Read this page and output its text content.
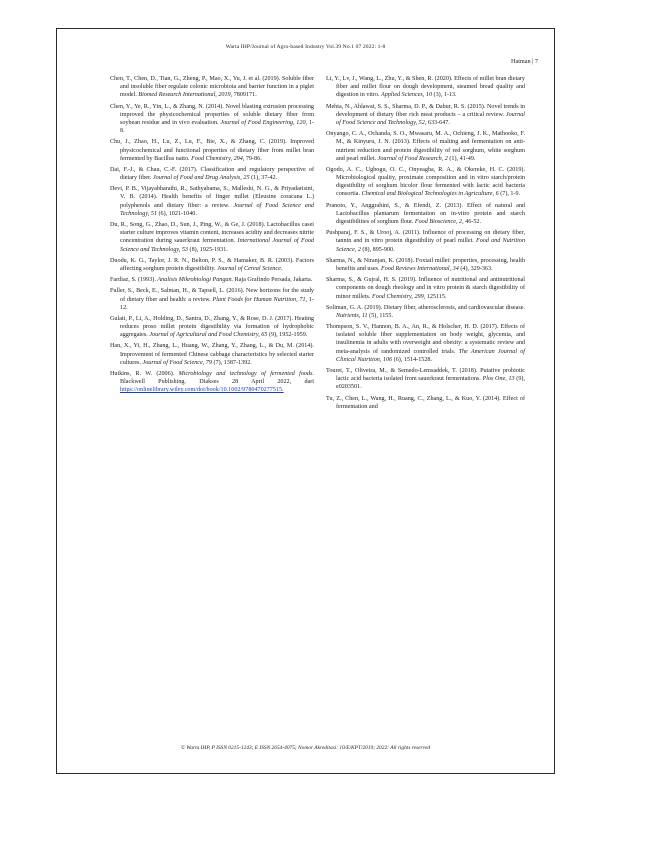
Warta IHP/Journal of Agro-based Industry Vol.39 No.1 07 2022: 1-8
Hatman | 7

Chen, T., Chen, D., Tian, G., Zheng, P., Mao, X., Yu, J. et al. (2019). Soluble fiber and insoluble fiber regulate colonic microbiota and barrier function in a piglet model. Biomed Research International, 2019, 7809171.

Chen, Y., Ye, R., Yin, L., & Zhang, N. (2014). Novel blasting extrusion processing improved the physicochemical properties of soluble dietary fiber from soybean residue and in vivo evaluation. Journal of Food Engineering, 120, 1-8.

Chu, J., Zhao, H., Lu, Z., Lu, F., Bie, X., & Zhang, C. (2019). Improved physicochemical and functional properties of dietary fiber from millet bran fermented by Bacillus natto. Food Chemistry, 294, 79-86.

Dai, F.-J., & Chau, C.-F. (2017). Classification and regulatory perspective of dietary fiber. Journal of Food and Drug Analysis, 25 (1), 37-42.

Devi, P. B., Vijayabharathi, R., Sathyabama, S., Malleshi, N. G., & Priyadarisini, V. B. (2014). Health benefits of finger millet (Eleusine coracana L.) polyphenols and dietary fiber: a review. Journal of Food Science and Technology, 51 (6), 1021-1040.

Du, R., Song, G., Zhao, D., Sun, J., Ping, W., & Ge, J. (2018). Lactobacillus casei starter culture improves vitamin content, increases acidity and decreases nitrite concentration during sauerkraut fermentation. International Journal of Food Science and Technology, 53 (8), 1925-1931.

Duodu, K. G., Taylor, J. R. N., Belton, P. S., & Hamaker, B. R. (2003). Factors affecting sorghum protein digestibility. Journal of Cereal Science.

Fardiaz, S. (1993). Analisis Mikrobiologi Pangan. Raja Grafindo Persada, Jakarta.

Fuller, S., Beck, E., Salman, H., & Tapsell, L. (2016). New horizons for the study of dietary fiber and health: a review. Plant Foods for Human Nutrition, 71, 1-12.

Gulati, P., Li, A., Holding, D., Santra, D., Zhang, Y., & Rose, D. J. (2017). Heating reduces proso millet protein digestibility via formation of hydrophobic aggregates. Journal of Agricultural and Food Chemistry, 65 (9), 1952-1959.

Han, X., Yi, H., Zhang, L., Huang, W., Zhang, Y., Zhang, L., & Du, M. (2014). Improvement of fermented Chinese cabbage characteristics by selected starter cultures. Journal of Food Science, 79 (7), 1387-1392.

Hutkins, R. W. (2006). Microbiology and technology of fermented foods. Blackwell Publishing. Diakses 28 April 2022, dari https://onlinelibrary.wiley.com/doi/book/10.1002/9780470277515.

Li, Y., Lv, J., Wang, L., Zhu, Y., & Shen, R. (2020). Effects of millet bran dietary fiber and millet flour on dough development, steamed bread quality and digestion in vitro. Applied Sciences, 10 (3), 1-13.

Mehta, N., Ahlawat, S. S., Sharma, D. P., & Dabur, R. S. (2015). Novel trends in development of dietary fiber rich meat products – a critical review. Journal of Food Science and Technology, 52, 633-647.

Onyango, C. A., Ochanda, S. O., Mwasaru, M. A., Ochieng, J. K., Mathooko, F. M., & Kinyuru, J. N. (2013). Effects of malting and fermentation on anti-nutrient reduction and protein digestibility of red sorghum, white sorghum and pearl millet. Journal of Food Research, 2 (1), 41-49.

Ogodo, A. C., Ugbogu, O. C., Onyeagba, R. A., & Okereke, H. C. (2019). Microbiological quality, proximate composition and in vitro starch/protein digestibility of sorghum bicolor flour fermented with lactic acid bacteria consortia. Chemical and Biological Technologies in Agriculture, 6 (7), 1-9.

Pranoto, Y., Anggrahini, S., & Efendi, Z. (2013). Effect of natural and Lactobacillus plantarum fermentation on in-vitro protein and starch digestibilities of sorghum flour. Food Bioscience, 2, 46-52.

Pushparaj, F. S., & Urooj, A. (2011). Influence of processing on dietary fiber, tannin and in vitro protein digestibility of pearl millet. Food and Nutrition Science, 2 (8), 895-900.

Sharma, N., & Niranjan, K. (2018). Foxtail millet: properties, processing, health benefits and uses. Food Reviews International, 34 (4), 329-363.

Sharma, S., & Gujral, H. S. (2019). Influence of nutritional and antinutritional components on dough rheology and in vitro protein & starch digestibility of minor millets. Food Chemistry, 299, 125115.

Soliman, G. A. (2019). Dietary fiber, atherosclerosis, and cardiovascular disease. Nutrients, 11 (5), 1155.

Thompson, S. V., Hannon, B. A., An, R., & Holscher, H. D. (2017). Effects of isolated soluble fiber supplementation on body weight, glycemia, and insulinemia in adults with overweight and obesity: a systematic review and meta-analysis of randomized controlled trials. The American Journal of Clinical Nutrition, 106 (6), 1514-1528.

Touret, T., Oliveira, M., & Semedo-Lemsaddek, T. (2018). Putative probiotic lactic acid bacteria isolated from sauerkraut fermentations. Plos One, 13 (9), e0203501.

Tu, Z., Chen, L., Wang, H., Ruang, C., Zhang, L., & Kuo, Y. (2014). Effect of fermentation and

© Warta IHP, P ISSN 0215-1243; E ISSN 2654-4075; Nomor Akreditasi: 10/E/KPT/2019; 2022: All rights reserved
